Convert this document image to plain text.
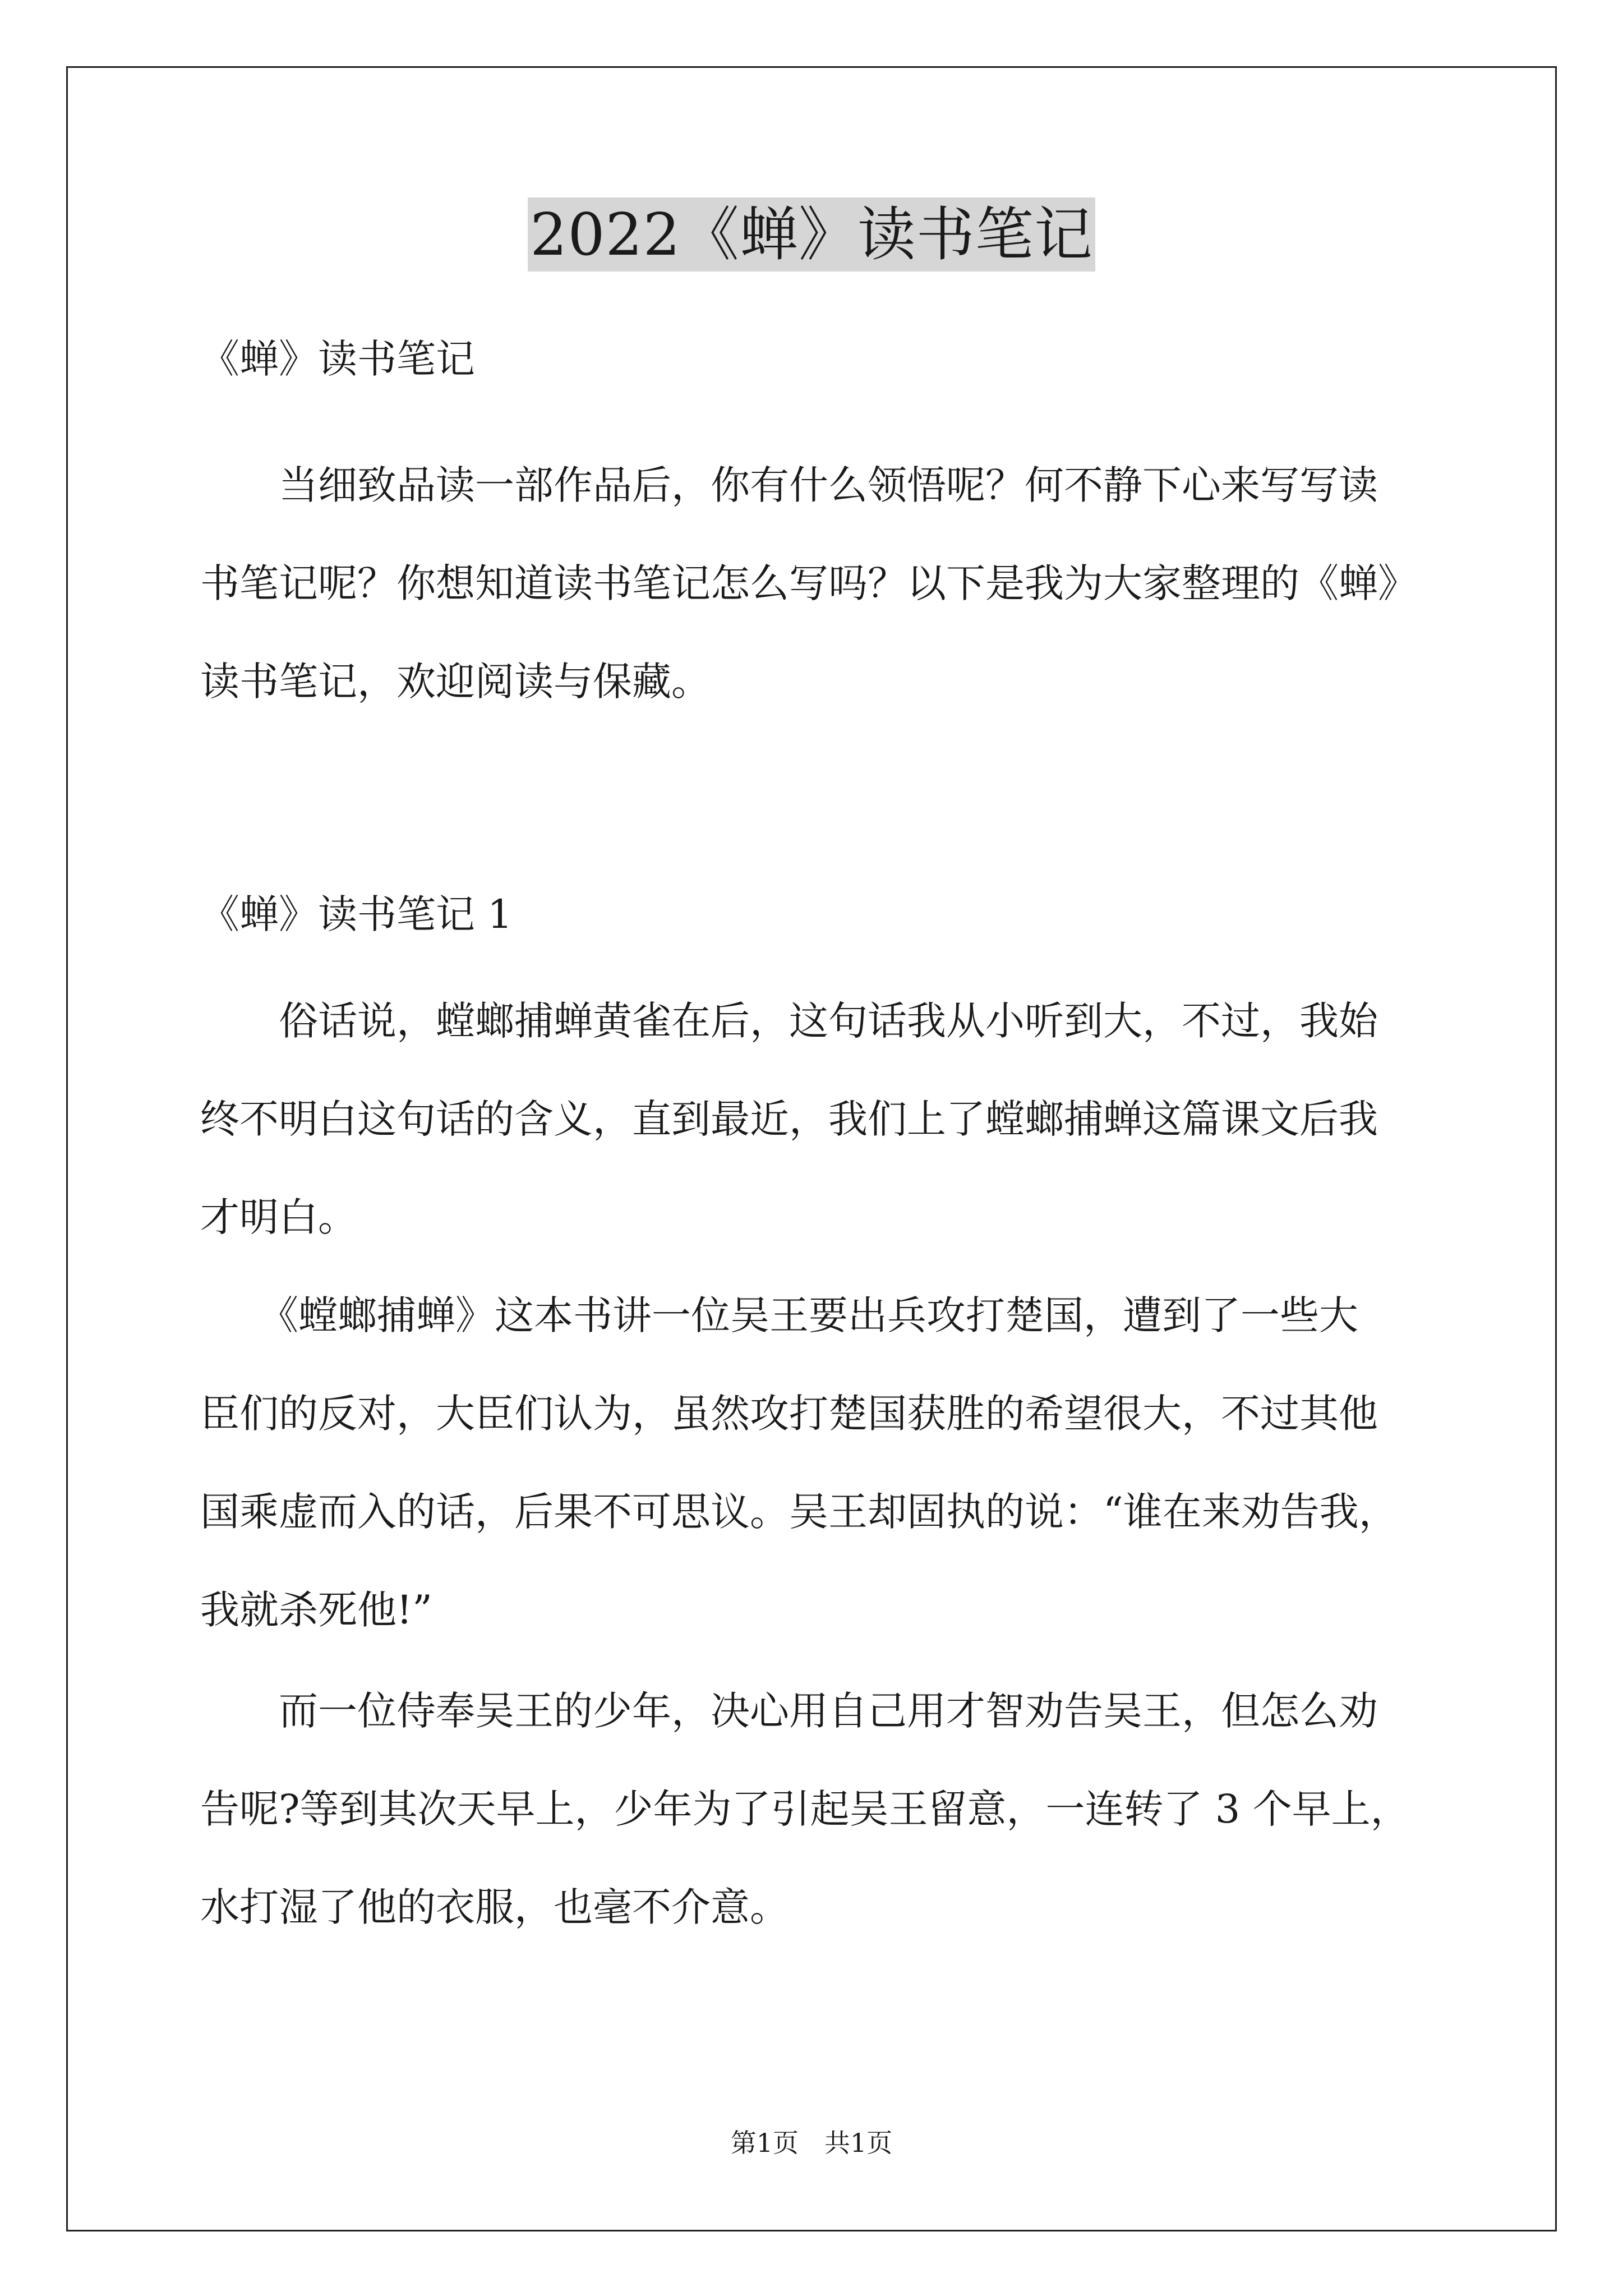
2022《蝉》读书笔记
《蝉》读书笔记
　　当细致品读一部作品后，你有什么领悟呢？何不静下心来写写读
书笔记呢？你想知道读书笔记怎么写吗？以下是我为大家整理的《蝉》
读书笔记，欢迎阅读与保藏。
《蝉》读书笔记 1
　　俗话说，螳螂捕蝉黄雀在后，这句话我从小听到大，不过，我始
终不明白这句话的含义，直到最近，我们上了螳螂捕蝉这篇课文后我
才明白。
　　《螳螂捕蝉》这本书讲一位吴王要出兵攻打楚国，遭到了一些大
臣们的反对，大臣们认为，虽然攻打楚国获胜的希望很大，不过其他
国乘虚而入的话，后果不可思议。吴王却固执的说：“谁在来劝告我，
我就杀死他!”
　　而一位侍奉吴王的少年，决心用自己用才智劝告吴王，但怎么劝
告呢?等到其次天早上，少年为了引起吴王留意，一连转了 3 个早上，
水打湿了他的衣服，也毫不介意。
第1页　共1页
